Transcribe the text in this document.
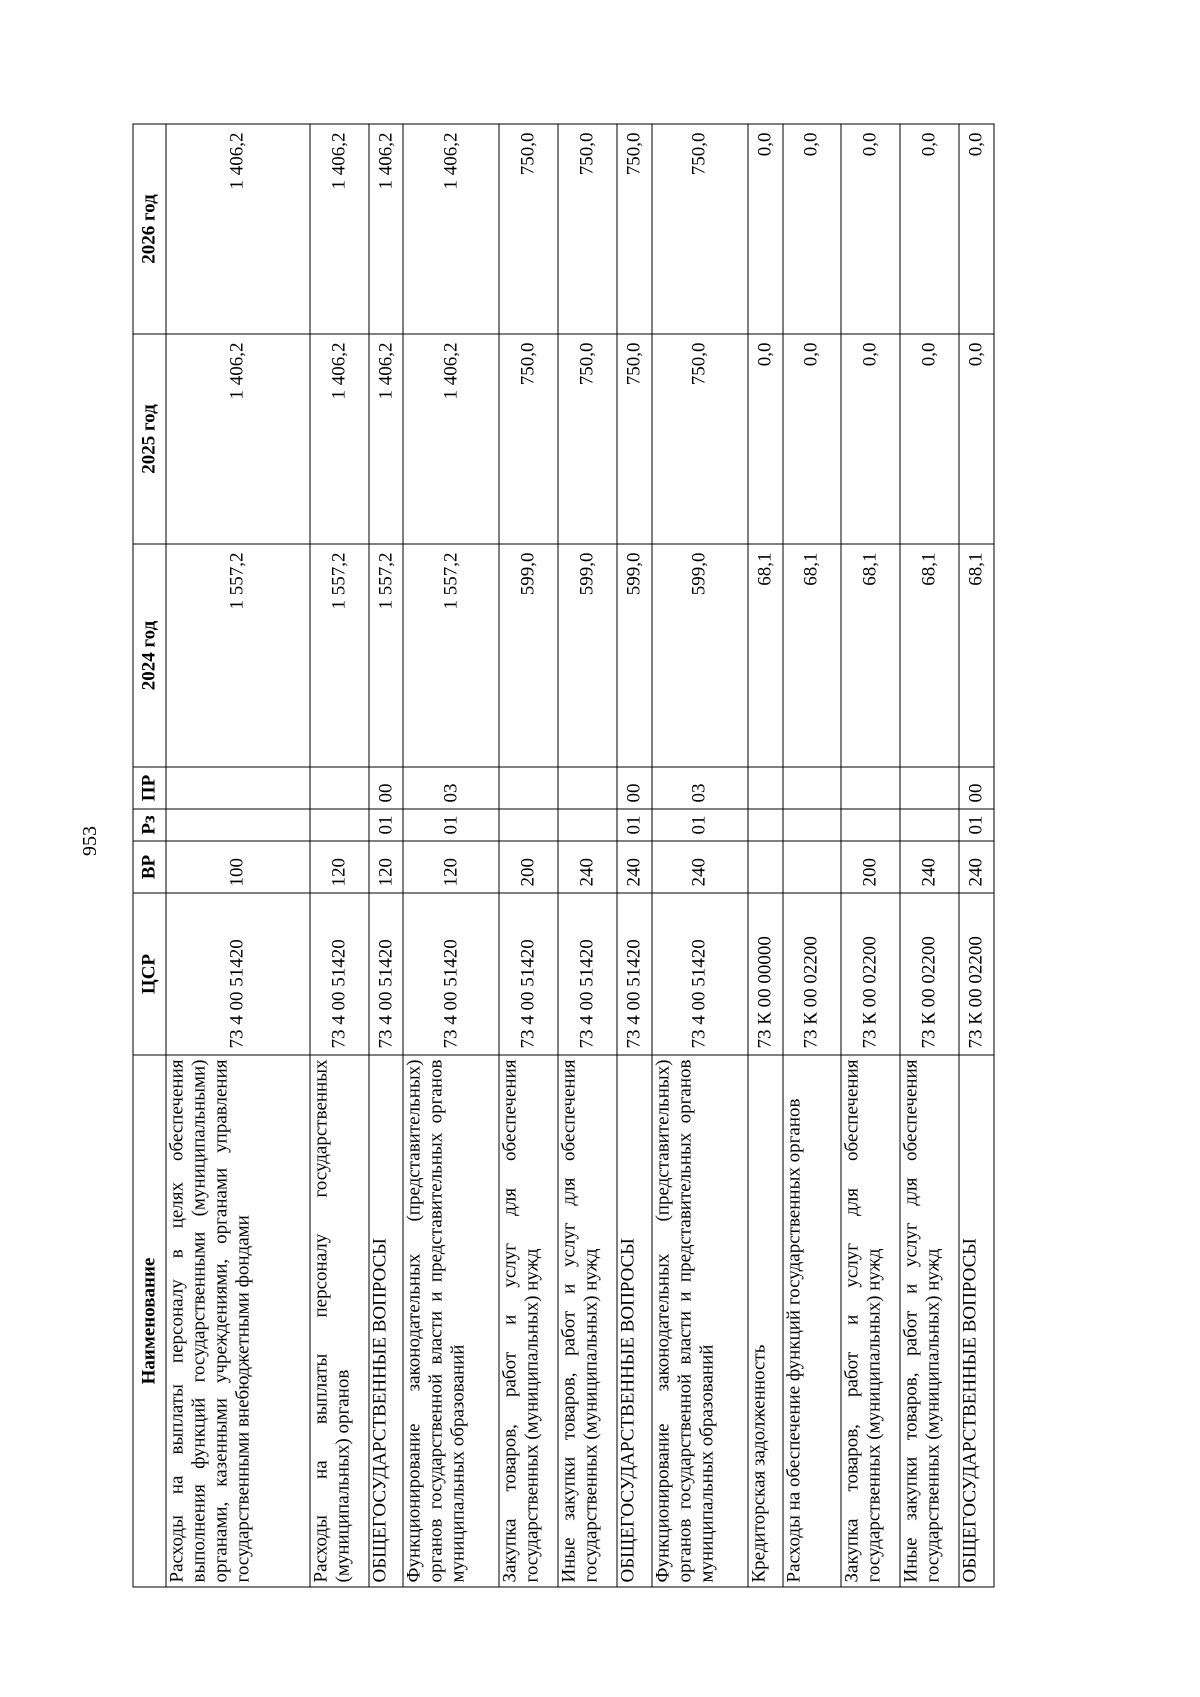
953
Наименование	ЦСР	ВР	Рз	ПР	2024 год	2025 год	2026 год
Расходы на выплаты персоналу в целях обеспечения выполнения функций государственными (муниципальными) органами, казенными учреждениями, органами управления государственными внебюджетными фондами	73 4 00 51420	100			1 557,2	1 406,2	1 406,2
Расходы на выплаты персоналу государственных (муниципальных) органов	73 4 00 51420	120			1 557,2	1 406,2	1 406,2
ОБЩЕГОСУДАРСТВЕННЫЕ ВОПРОСЫ	73 4 00 51420	120	01	00	1 557,2	1 406,2	1 406,2
Функционирование законодательных (представительных) органов государственной власти и представительных органов муниципальных образований	73 4 00 51420	120	01	03	1 557,2	1 406,2	1 406,2
Закупка товаров, работ и услуг для обеспечения государственных (муниципальных) нужд	73 4 00 51420	200			599,0	750,0	750,0
Иные закупки товаров, работ и услуг для обеспечения государственных (муниципальных) нужд	73 4 00 51420	240			599,0	750,0	750,0
ОБЩЕГОСУДАРСТВЕННЫЕ ВОПРОСЫ	73 4 00 51420	240	01	00	599,0	750,0	750,0
Функционирование законодательных (представительных) органов государственной власти и представительных органов муниципальных образований	73 4 00 51420	240	01	03	599,0	750,0	750,0
Кредиторская задолженность	73 К 00 00000				68,1	0,0	0,0
Расходы на обеспечение функций государственных органов	73 К 00 02200				68,1	0,0	0,0
Закупка товаров, работ и услуг для обеспечения государственных (муниципальных) нужд	73 К 00 02200	200			68,1	0,0	0,0
Иные закупки товаров, работ и услуг для обеспечения государственных (муниципальных) нужд	73 К 00 02200	240			68,1	0,0	0,0
ОБЩЕГОСУДАРСТВЕННЫЕ ВОПРОСЫ	73 К 00 02200	240	01	00	68,1	0,0	0,0
